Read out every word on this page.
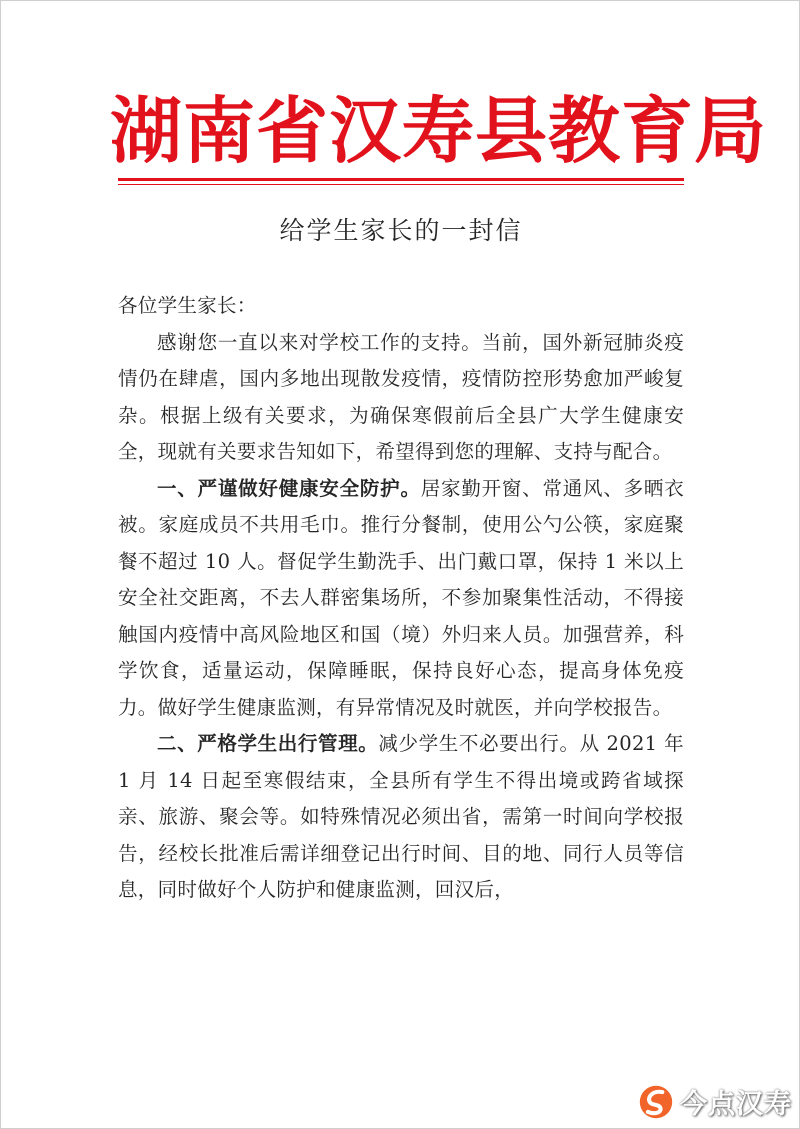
湖南省汉寿县教育局
给学生家长的一封信

各位学生家长：

感谢您一直以来对学校工作的支持。当前，国外新冠肺炎疫情仍在肆虐，国内多地出现散发疫情，疫情防控形势愈加严峻复杂。根据上级有关要求，为确保寒假前后全县广大学生健康安全，现就有关要求告知如下，希望得到您的理解、支持与配合。

一、严谨做好健康安全防护。居家勤开窗、常通风、多晒衣被。家庭成员不共用毛巾。推行分餐制，使用公勺公筷，家庭聚餐不超过 10 人。督促学生勤洗手、出门戴口罩，保持 1 米以上安全社交距离，不去人群密集场所，不参加聚集性活动，不得接触国内疫情中高风险地区和国（境）外归来人员。加强营养，科学饮食，适量运动，保障睡眠，保持良好心态，提高身体免疫力。做好学生健康监测，有异常情况及时就医，并向学校报告。

二、严格学生出行管理。减少学生不必要出行。从 2021 年 1 月 14 日起至寒假结束，全县所有学生不得出境或跨省域探亲、旅游、聚会等。如特殊情况必须出省，需第一时间向学校报告，经校长批准后需详细登记出行时间、目的地、同行人员等信息，同时做好个人防护和健康监测，回汉后，

今点汉寿
